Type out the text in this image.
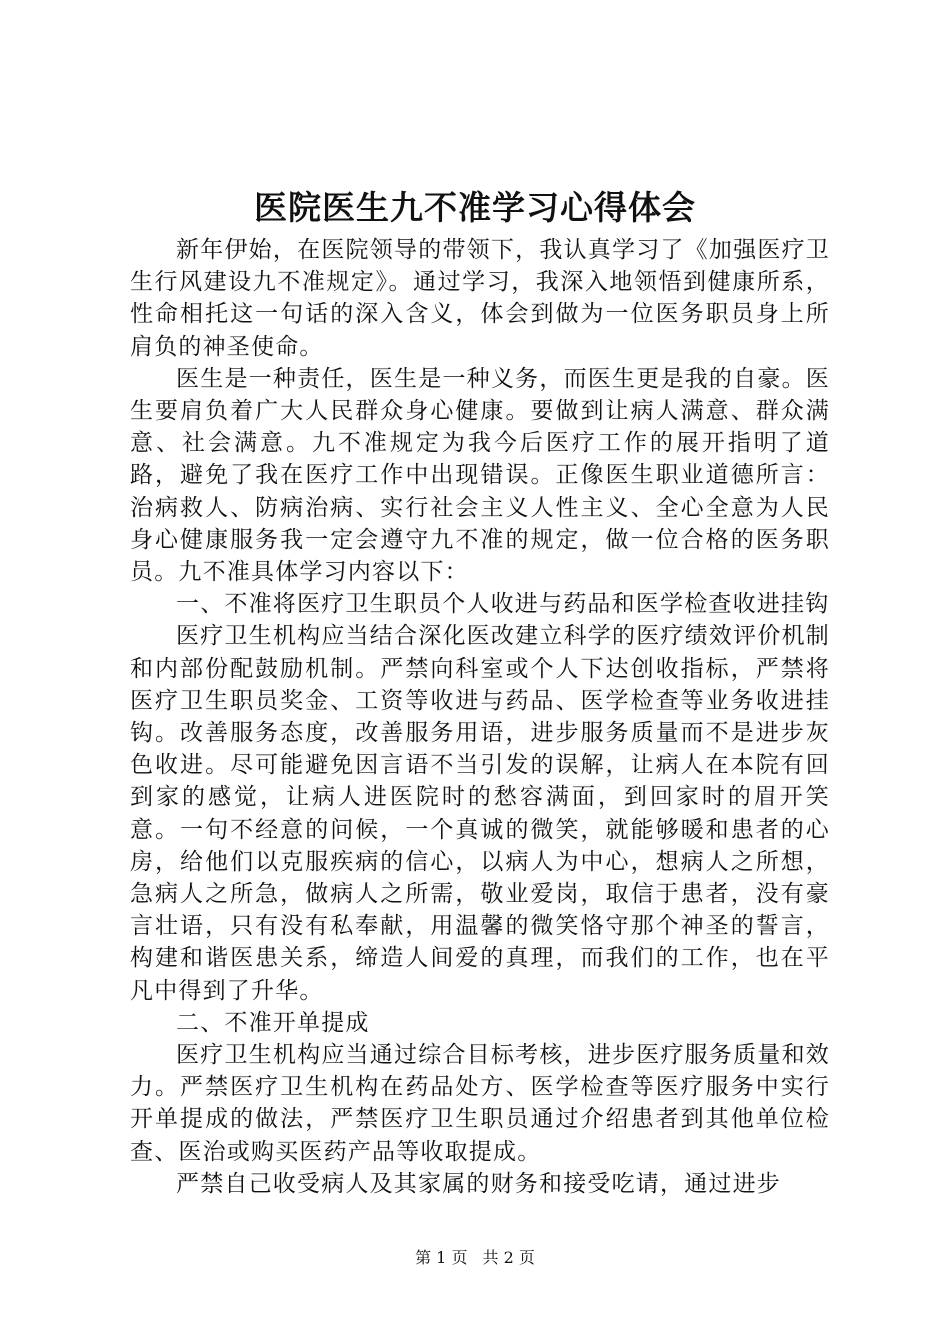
医院医生九不准学习心得体会

新年伊始，在医院领导的带领下，我认真学习了《加强医疗卫生行风建设九不准规定》。通过学习，我深入地领悟到健康所系，性命相托这一句话的深入含义，体会到做为一位医务职员身上所肩负的神圣使命。

医生是一种责任，医生是一种义务，而医生更是我的自豪。医生要肩负着广大人民群众身心健康。要做到让病人满意、群众满意、社会满意。九不准规定为我今后医疗工作的展开指明了道路，避免了我在医疗工作中出现错误。正像医生职业道德所言：治病救人、防病治病、实行社会主义人性主义、全心全意为人民身心健康服务我一定会遵守九不准的规定，做一位合格的医务职员。九不准具体学习内容以下：

一、不准将医疗卫生职员个人收进与药品和医学检查收进挂钩

医疗卫生机构应当结合深化医改建立科学的医疗绩效评价机制和内部份配鼓励机制。严禁向科室或个人下达创收指标，严禁将医疗卫生职员奖金、工资等收进与药品、医学检查等业务收进挂钩。改善服务态度，改善服务用语，进步服务质量而不是进步灰色收进。尽可能避免因言语不当引发的误解，让病人在本院有回到家的感觉，让病人进医院时的愁容满面，到回家时的眉开笑意。一句不经意的问候，一个真诚的微笑，就能够暖和患者的心房，给他们以克服疾病的信心，以病人为中心，想病人之所想，急病人之所急，做病人之所需，敬业爱岗，取信于患者，没有豪言壮语，只有没有私奉献，用温馨的微笑恪守那个神圣的誓言，构建和谐医患关系，缔造人间爱的真理，而我们的工作，也在平凡中得到了升华。

二、不准开单提成

医疗卫生机构应当通过综合目标考核，进步医疗服务质量和效力。严禁医疗卫生机构在药品处方、医学检查等医疗服务中实行开单提成的做法，严禁医疗卫生职员通过介绍患者到其他单位检查、医治或购买医药产品等收取提成。

严禁自己收受病人及其家属的财务和接受吃请，通过进步

第 1 页 共 2 页
